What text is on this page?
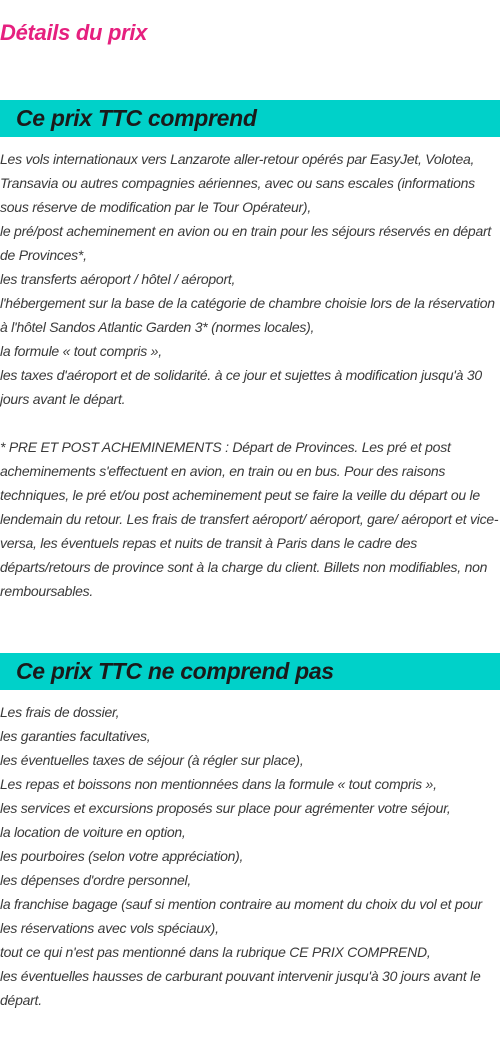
Détails du prix
Ce prix TTC comprend

Les vols internationaux vers Lanzarote aller-retour opérés par EasyJet, Volotea, Transavia ou autres compagnies aériennes, avec ou sans escales (informations sous réserve de modification par le Tour Opérateur),

le pré/post acheminement en avion ou en train pour les séjours réservés en départ de Provinces*,

les transferts aéroport / hôtel / aéroport,

l'hébergement sur la base de la catégorie de chambre choisie lors de la réservation à l'hôtel Sandos Atlantic Garden 3* (normes locales),

la formule « tout compris »,

les taxes d'aéroport et de solidarité. à ce jour et sujettes à modification jusqu'à 30 jours avant le départ.

* PRE ET POST ACHEMINEMENTS : Départ de Provinces. Les pré et post acheminements s'effectuent en avion, en train ou en bus. Pour des raisons techniques, le pré et/ou post acheminement peut se faire la veille du départ ou le lendemain du retour. Les frais de transfert aéroport/ aéroport, gare/ aéroport et vice-versa, les éventuels repas et nuits de transit à Paris dans le cadre des départs/retours de province sont à la charge du client. Billets non modifiables, non remboursables.

Ce prix TTC ne comprend pas

Les frais de dossier,

les garanties facultatives,

les éventuelles taxes de séjour (à régler sur place),

Les repas et boissons non mentionnées dans la formule « tout compris »,

les services et excursions proposés sur place pour agrémenter votre séjour,

la location de voiture en option,

les pourboires (selon votre appréciation),

les dépenses d'ordre personnel,

la franchise bagage (sauf si mention contraire au moment du choix du vol et pour les réservations avec vols spéciaux),

tout ce qui n'est pas mentionné dans la rubrique CE PRIX COMPREND,

les éventuelles hausses de carburant pouvant intervenir jusqu'à 30 jours avant le départ.
